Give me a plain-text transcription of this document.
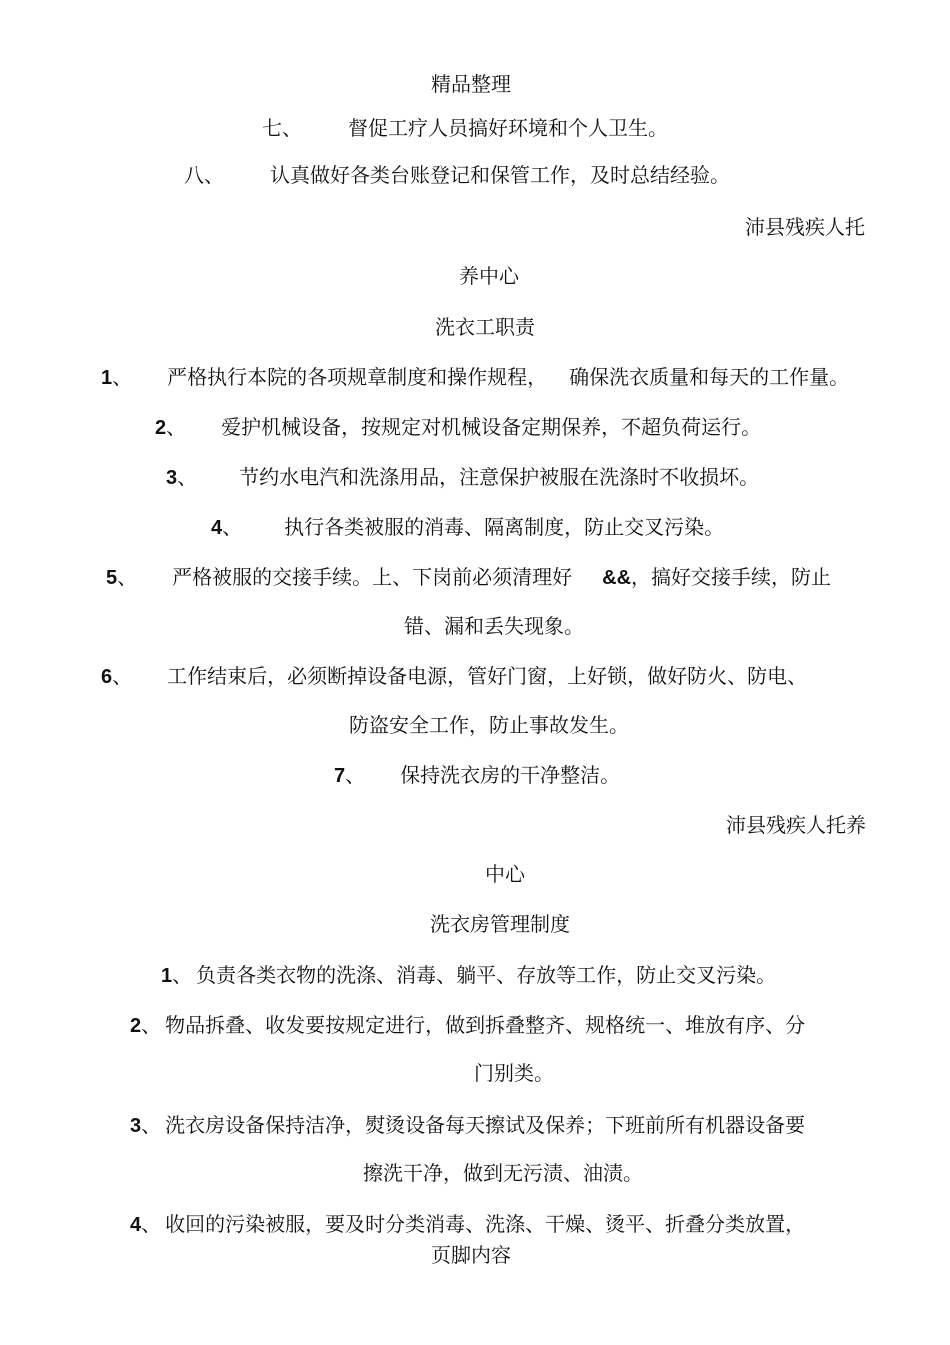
精品整理
七、 督促工疗人员搞好环境和个人卫生。
八、 认真做好各类台账登记和保管工作，及时总结经验。
沛县残疾人托
养中心
洗衣工职责
1、 严格执行本院的各项规章制度和操作规程， 确保洗衣质量和每天的工作量。
2、 爱护机械设备，按规定对机械设备定期保养，不超负荷运行。
3、 节约水电汽和洗涤用品，注意保护被服在洗涤时不收损坏。
4、 执行各类被服的消毒、隔离制度，防止交叉污染。
5、 严格被服的交接手续。上、下岗前必须清理好 &&，搞好交接手续，防止
错、漏和丢失现象。
6、 工作结束后，必须断掉设备电源，管好门窗，上好锁，做好防火、防电、
防盗安全工作，防止事故发生。
7、 保持洗衣房的干净整洁。
沛县残疾人托养
中心
洗衣房管理制度
1、 负责各类衣物的洗涤、消毒、躺平、存放等工作，防止交叉污染。
2、 物品拆叠、收发要按规定进行，做到拆叠整齐、规格统一、堆放有序、分
门别类。
3、 洗衣房设备保持洁净，熨烫设备每天擦试及保养；下班前所有机器设备要
擦洗干净，做到无污渍、油渍。
4、 收回的污染被服，要及时分类消毒、洗涤、干燥、烫平、折叠分类放置，
页脚内容
